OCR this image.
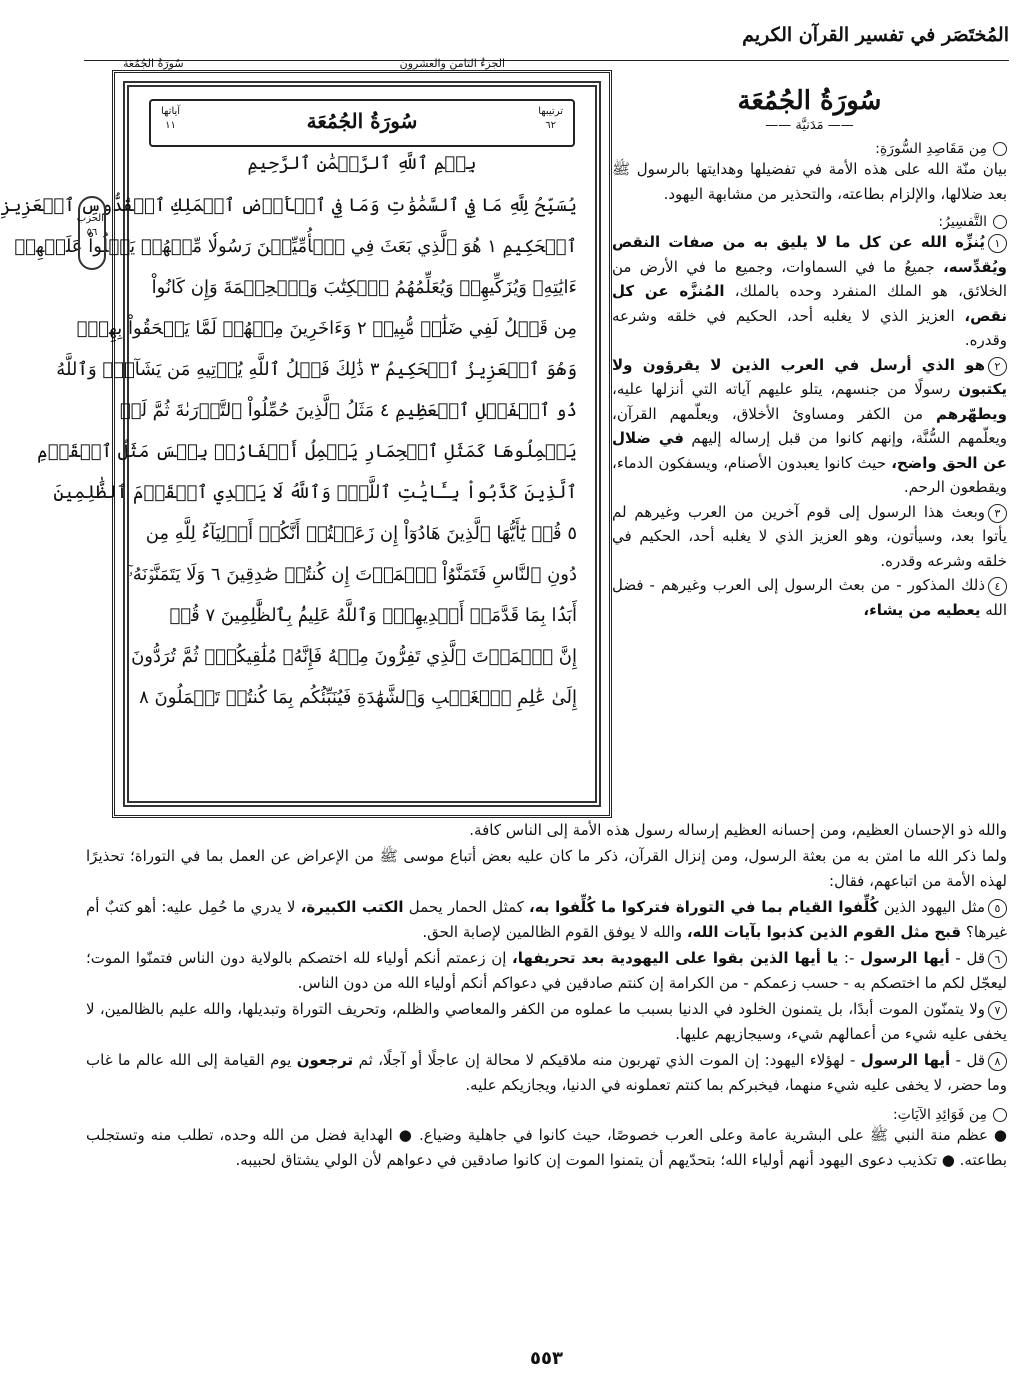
المُختَصَر في تفسير القرآن الكريم
الجزءُ الثامن والعشرون
سُورَةُ الجُمُعَة
ترتيبها
٦٢
سُورَةُ الجُمُعَة
آياتها
١١
بِسۡمِ ٱللَّهِ ٱلرَّحۡمَٰنِ ٱلرَّحِيمِ
يُسَبِّحُ لِلَّهِ مَا فِي ٱلسَّمَٰوَٰتِ وَمَا فِي ٱلۡأَرۡضِ ٱلۡمَلِكِ ٱلۡقُدُّوسِ ٱلۡعَزِيزِ
ٱلۡحَكِيمِ ١ هُوَ ٱلَّذِي بَعَثَ فِي ٱلۡأُمِّيِّـۧنَ رَسُولٗا مِّنۡهُمۡ يَتۡلُواْ عَلَيۡهِمۡ
ءَايَٰتِهِۦ وَيُزَكِّيهِمۡ وَيُعَلِّمُهُمُ ٱلۡكِتَٰبَ وَٱلۡحِكۡمَةَ وَإِن كَانُواْ
مِن قَبۡلُ لَفِي ضَلَٰلٖ مُّبِينٖ ٢ وَءَاخَرِينَ مِنۡهُمۡ لَمَّا يَلۡحَقُواْ بِهِمۡۚ
وَهُوَ ٱلۡعَزِيزُ ٱلۡحَكِيمُ ٣ ذَٰلِكَ فَضۡلُ ٱللَّهِ يُؤۡتِيهِ مَن يَشَآءُۚ وَٱللَّهُ
ذُو ٱلۡفَضۡلِ ٱلۡعَظِيمِ ٤ مَثَلُ ٱلَّذِينَ حُمِّلُواْ ٱلتَّوۡرَىٰةَ ثُمَّ لَمۡ
يَحۡمِلُوهَا كَمَثَلِ ٱلۡحِمَارِ يَحۡمِلُ أَسۡفَارَۢاۚ بِئۡسَ مَثَلُ ٱلۡقَوۡمِ
ٱلَّذِينَ كَذَّبُواْ بِـَٔايَٰتِ ٱللَّهِۚ وَٱللَّهُ لَا يَهۡدِي ٱلۡقَوۡمَ ٱلظَّٰلِمِينَ
٥ قُلۡ يَٰٓأَيُّهَا ٱلَّذِينَ هَادُوٓاْ إِن زَعَمۡتُمۡ أَنَّكُمۡ أَوۡلِيَآءُ لِلَّهِ مِن
دُونِ ٱلنَّاسِ فَتَمَنَّوُاْ ٱلۡمَوۡتَ إِن كُنتُمۡ صَٰدِقِينَ ٦ وَلَا يَتَمَنَّوۡنَهُۥٓ
أَبَدَۢا بِمَا قَدَّمَتۡ أَيۡدِيهِمۡۚ وَٱللَّهُ عَلِيمُۢ بِٱلظَّٰلِمِينَ ٧ قُلۡ
إِنَّ ٱلۡمَوۡتَ ٱلَّذِي تَفِرُّونَ مِنۡهُ فَإِنَّهُۥ مُلَٰقِيكُمۡۖ ثُمَّ تُرَدُّونَ
إِلَىٰ عَٰلِمِ ٱلۡغَيۡبِ وَٱلشَّهَٰدَةِ فَيُنَبِّئُكُم بِمَا كُنتُمۡ تَعۡمَلُونَ ٨
الحزب
٥٦
سُورَةُ الجُمُعَة
—— مَدَنيَّة ——
مِن مَقَاصِدِ السُّورَةِ:
بيان منّة الله على هذه الأمة في تفضيلها وهدايتها بالرسول ﷺ بعد ضلالها، والإلزام بطاعته، والتحذير من مشابهة اليهود.
التَّفسِيرُ:
١يُنزِّه الله عن كل ما لا يليق به من صفات النقص ويُقدِّسه، جميعُ ما في السماوات، وجميع ما في الأرض من الخلائق، هو الملك المنفرد وحده بالملك، المُنزَّه عن كل نقص، العزيز الذي لا يغلبه أحد، الحكيم في خلقه وشرعه وقدره.
٢هو الذي أرسل في العرب الذين لا يقرؤون ولا يكتبون رسولًا من جنسهم، يتلو عليهم آياته التي أنزلها عليه، ويطهّرهم من الكفر ومساوئ الأخلاق، ويعلّمهم القرآن، ويعلّمهم السُّنَّة، وإنهم كانوا من قبل إرساله إليهم في ضلال عن الحق واضح، حيث كانوا يعبدون الأصنام، ويسفكون الدماء، ويقطعون الرحم.
٣وبعث هذا الرسول إلى قوم آخرين من العرب وغيرهم لم يأتوا بعد، وسيأتون، وهو العزيز الذي لا يغلبه أحد، الحكيم في خلقه وشرعه وقدره.
٤ذلك المذكور - من بعث الرسول إلى العرب وغيرهم - فضل الله يعطيه من يشاء،
والله ذو الإحسان العظيم، ومن إحسانه العظيم إرساله رسول هذه الأمة إلى الناس كافة.
ولما ذكر الله ما امتن به من بعثة الرسول، ومن إنزال القرآن، ذكر ما كان عليه بعض أتباع موسى ﷺ من الإعراض عن العمل بما في التوراة؛ تحذيرًا لهذه الأمة من اتباعهم، فقال:
٥مثل اليهود الذين كُلِّفوا القيام بما في التوراة فتركوا ما كُلِّفوا به، كمثل الحمار يحمل الكتب الكبيرة، لا يدري ما حُمِل عليه: أهو كتبٌ أم غيرها؟ قبح مثل القوم الذين كذبوا بآيات الله، والله لا يوفق القوم الظالمين لإصابة الحق.
٦قل - أيها الرسول -: يا أيها الذين بقوا على اليهودية بعد تحريفها، إن زعمتم أنكم أولياء لله اختصكم بالولاية دون الناس فتمنّوا الموت؛ ليعجّل لكم ما اختصكم به - حسب زعمكم - من الكرامة إن كنتم صادقين في دعواكم أنكم أولياء الله من دون الناس.
٧ولا يتمنّون الموت أبدًا، بل يتمنون الخلود في الدنيا بسبب ما عملوه من الكفر والمعاصي والظلم، وتحريف التوراة وتبديلها، والله عليم بالظالمين، لا يخفى عليه شيء من أعمالهم شيء، وسيجازيهم عليها.
٨قل - أيها الرسول - لهؤلاء اليهود: إن الموت الذي تهربون منه ملاقيكم لا محالة إن عاجلًا أو آجلًا، ثم ترجعون يوم القيامة إلى الله عالم ما غاب وما حضر، لا يخفى عليه شيء منهما، فيخبركم بما كنتم تعملونه في الدنيا، ويجازيكم عليه.
مِن فَوَائِدِ الآيَاتِ:
● عظم منة النبي ﷺ على البشرية عامة وعلى العرب خصوصًا، حيث كانوا في جاهلية وضياع. ● الهداية فضل من الله وحده، تطلب منه وتستجلب بطاعته. ● تكذيب دعوى اليهود أنهم أولياء الله؛ بتحدّيهم أن يتمنوا الموت إن كانوا صادقين في دعواهم لأن الولي يشتاق لحبيبه.
٥٥٣
